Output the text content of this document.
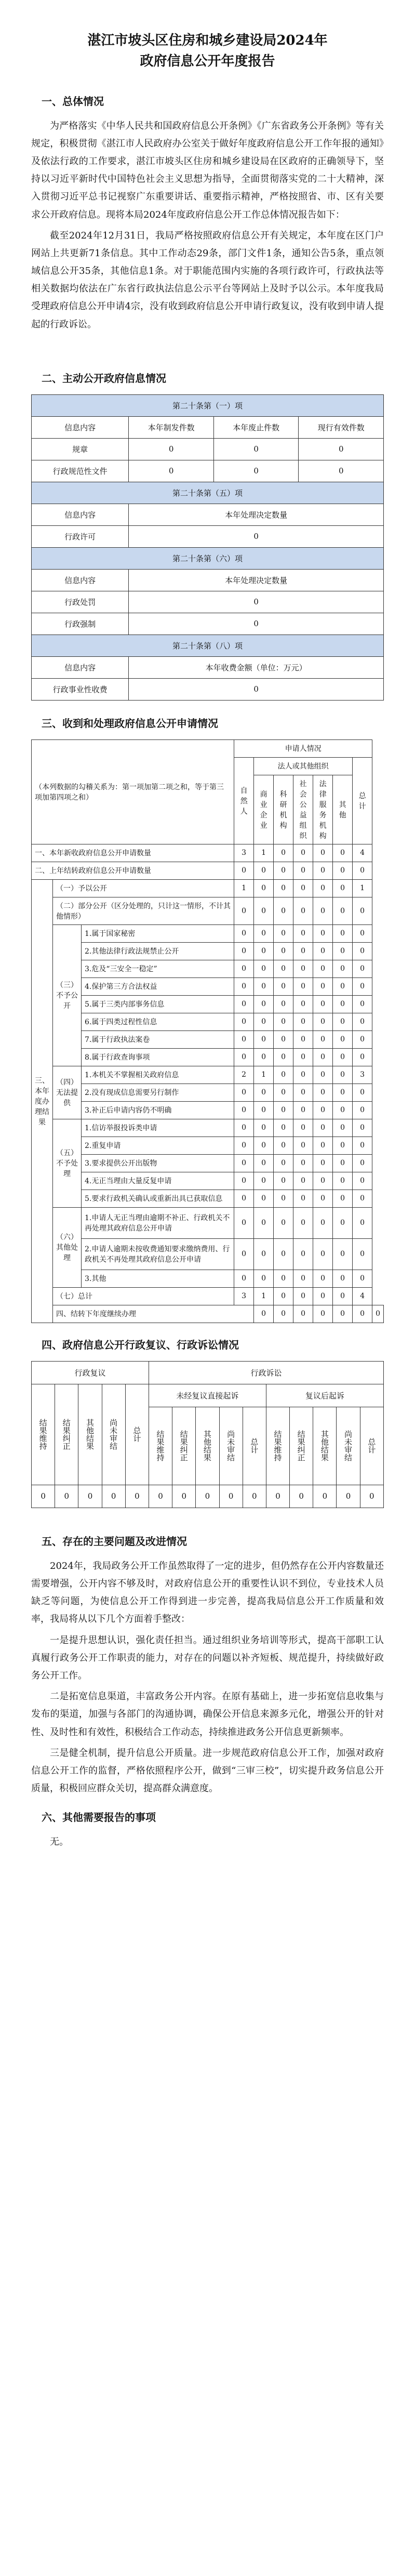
湛江市坡头区住房和城乡建设局2024年
政府信息公开年度报告
一、总体情况

为严格落实《中华人民共和国政府信息公开条例》《广东省政务公开条例》等有关规定，积极贯彻《湛江市人民政府办公室关于做好年度政府信息公开工作年报的通知》及依法行政的工作要求，湛江市坡头区住房和城乡建设局在区政府的正确领导下，坚持以习近平新时代中国特色社会主义思想为指导，全面贯彻落实党的二十大精神，深入贯彻习近平总书记视察广东重要讲话、重要指示精神，严格按照省、市、区有关要求公开政府信息。现将本局2024年度政府信息公开工作总体情况报告如下：

截至2024年12月31日，我局严格按照政府信息公开有关规定，本年度在区门户网站上共更新71条信息。其中工作动态29条，部门文件1条，通知公告5条，重点领域信息公开35条，其他信息1条。对于职能范围内实施的各项行政许可，行政执法等相关数据均依法在广东省行政执法信息公示平台等网站上及时予以公示。本年度我局受理政府信息公开申请4宗，没有收到政府信息公开申请行政复议，没有收到申请人提起的行政诉讼。

二、主动公开政府信息情况
第二十条第（一）项			
信息内容	本年制发件数	本年废止件数	现行有效件数
规章	0	0	0
行政规范性文件	0	0	0
第二十条第（五）项			
信息内容	本年处理决定数量		
行政许可	0		
第二十条第（六）项			
信息内容	本年处理决定数量		
行政处罚	0		
行政强制	0		
第二十条第（八）项			
信息内容	本年收费金额（单位：万元）		
行政事业性收费	0		
三、收到和处理政府信息公开申请情况
（本列数据的勾稽关系为：第一项加第二项之和，等于第三项加第四项之和）			申请人情况							
			自然人	法人或其他组织					总计	
				商业企业	科研机构	社会公益组织	法律服务机构	其他		
一、本年新收政府信息公开申请数量			3	1	0	0	0	0	4	
二、上年结转政府信息公开申请数量			0	0	0	0	0	0	0	
三、本年度办理结果	（一）予以公开		1	0	0	0	0	0	1	
	（二）部分公开（区分处理的，只计这一情形，不计其他情形）		0	0	0	0	0	0	0	
	（三）不予公开	1.属于国家秘密	0	0	0	0	0	0	0	
		2.其他法律行政法规禁止公开	0	0	0	0	0	0	0	
		3.危及“三安全一稳定”	0	0	0	0	0	0	0	
		4.保护第三方合法权益	0	0	0	0	0	0	0	
		5.属于三类内部事务信息	0	0	0	0	0	0	0	
		6.属于四类过程性信息	0	0	0	0	0	0	0	
		7.属于行政执法案卷	0	0	0	0	0	0	0	
		8.属于行政查询事项	0	0	0	0	0	0	0	
	（四）无法提供	1.本机关不掌握相关政府信息	2	1	0	0	0	0	3	
		2.没有现成信息需要另行制作	0	0	0	0	0	0	0	
		3.补正后申请内容仍不明确	0	0	0	0	0	0	0	
	（五）不予处理	1.信访举报投诉类申请	0	0	0	0	0	0	0	
		2.重复申请	0	0	0	0	0	0	0	
		3.要求提供公开出版物	0	0	0	0	0	0	0	
		4.无正当理由大量反复申请	0	0	0	0	0	0	0	
		5.要求行政机关确认或重新出具已获取信息	0	0	0	0	0	0	0	
	（六）其他处理	1.申请人无正当理由逾期不补正、行政机关不再处理其政府信息公开申请	0	0	0	0	0	0	0	
		2.申请人逾期未按收费通知要求缴纳费用、行政机关不再处理其政府信息公开申请	0	0	0	0	0	0	0	
		3.其他	0	0	0	0	0	0	0	
	（七）总计		3	1	0	0	0	0	4	
	四、结转下年度继续办理			0	0	0	0	0	0	0
四、政府信息公开行政复议、行政诉讼情况
行政复议					行政诉讼									
结果维持	结果纠正	其他结果	尚未审结	总计	未经复议直接起诉					复议后起诉				
					结果维持	结果纠正	其他结果	尚未审结	总计	结果维持	结果纠正	其他结果	尚未审结	总计
0	0	0	0	0	0	0	0	0	0	0	0	0	0	0
五、存在的主要问题及改进情况

2024年，我局政务公开工作虽然取得了一定的进步，但仍然存在公开内容数量还需要增强，公开内容不够及时，对政府信息公开的重要性认识不到位，专业技术人员缺乏等问题，为使信息公开工作得到进一步完善，提高我局信息公开工作质量和效率，我局将从以下几个方面着手整改：

一是提升思想认识，强化责任担当。通过组织业务培训等形式，提高干部职工认真履行政务公开工作职责的能力，对存在的问题以补齐短板、规范提升，持续做好政务公开工作。

二是拓宽信息渠道，丰富政务公开内容。在原有基础上，进一步拓宽信息收集与发布的渠道，加强与各部门的沟通协调，确保公开信息来源多元化，增强公开的针对性、及时性和有效性，积极结合工作动态，持续推进政务公开信息更新频率。

三是健全机制，提升信息公开质量。进一步规范政府信息公开工作，加强对政府信息公开工作的监督，严格依照程序公开，做到“三审三校”，切实提升政务信息公开质量，积极回应群众关切，提高群众满意度。

六、其他需要报告的事项

无。
